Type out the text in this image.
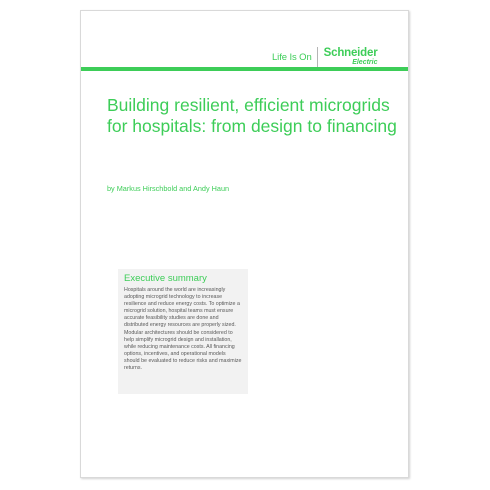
Life Is On Schneider
Electric
Building resilient, efficient microgrids for hospitals: from design to financing
by Markus Hirschbold and Andy Haun
Executive summary

Hospitals around the world are increasingly adopting microgrid technology to increase resilience and reduce energy costs. To optimize a microgrid solution, hospital teams must ensure accurate feasibility studies are done and distributed energy resources are properly sized. Modular architectures should be considered to help simplify microgrid design and installation, while reducing maintenance costs. All financing options, incentives, and operational models should be evaluated to reduce risks and maximize returns.
